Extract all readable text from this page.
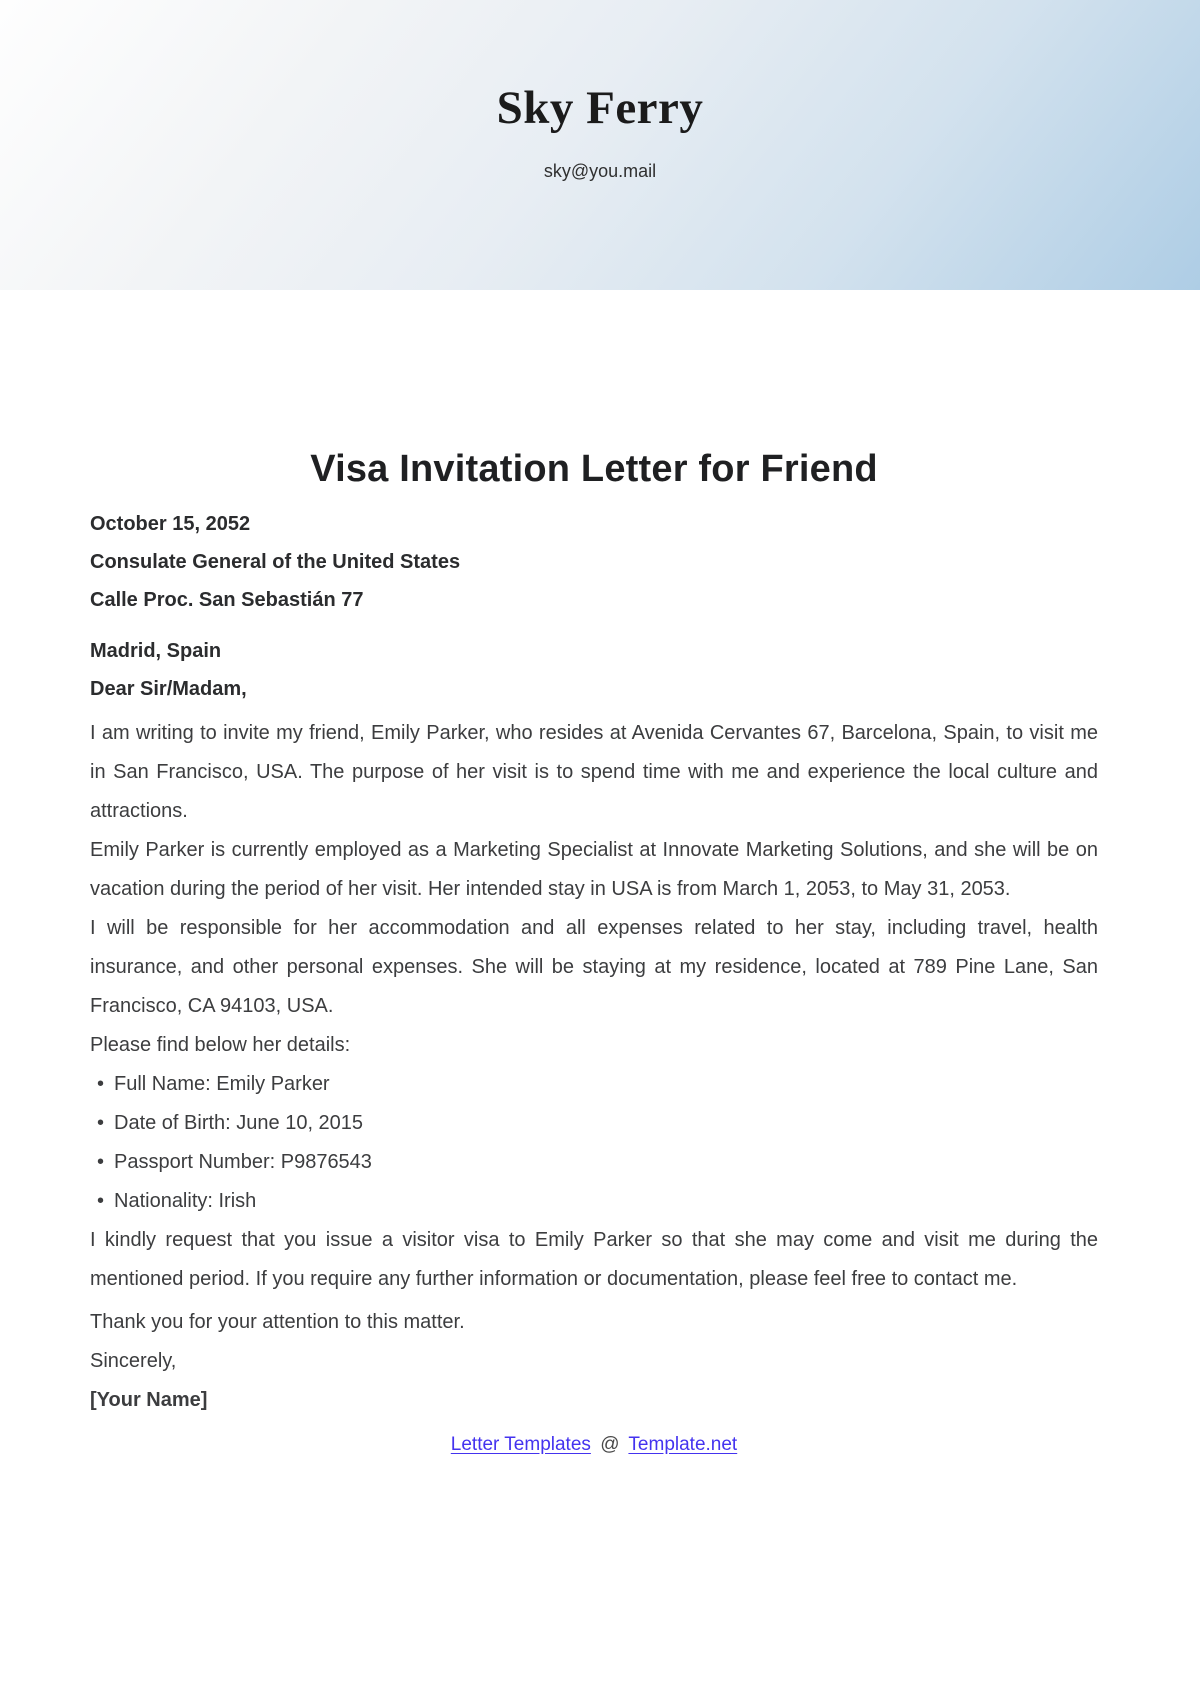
Sky Ferry
sky@you.mail
Visa Invitation Letter for Friend
October 15, 2052
Consulate General of the United States
Calle Proc. San Sebastián 77
Madrid, Spain
Dear Sir/Madam,

I am writing to invite my friend, Emily Parker, who resides at Avenida Cervantes 67, Barcelona, Spain, to visit me in San Francisco, USA. The purpose of her visit is to spend time with me and experience the local culture and attractions.

Emily Parker is currently employed as a Marketing Specialist at Innovate Marketing Solutions, and she will be on vacation during the period of her visit. Her intended stay in USA is from March 1, 2053, to May 31, 2053.

I will be responsible for her accommodation and all expenses related to her stay, including travel, health insurance, and other personal expenses. She will be staying at my residence, located at 789 Pine Lane, San Francisco, CA 94103, USA.

Please find below her details:

• Full Name: Emily Parker
• Date of Birth: June 10, 2015
• Passport Number: P9876543
• Nationality: Irish

I kindly request that you issue a visitor visa to Emily Parker so that she may come and visit me during the mentioned period. If you require any further information or documentation, please feel free to contact me.

Thank you for your attention to this matter.

Sincerely,

[Your Name]

Letter Templates @ Template.net
